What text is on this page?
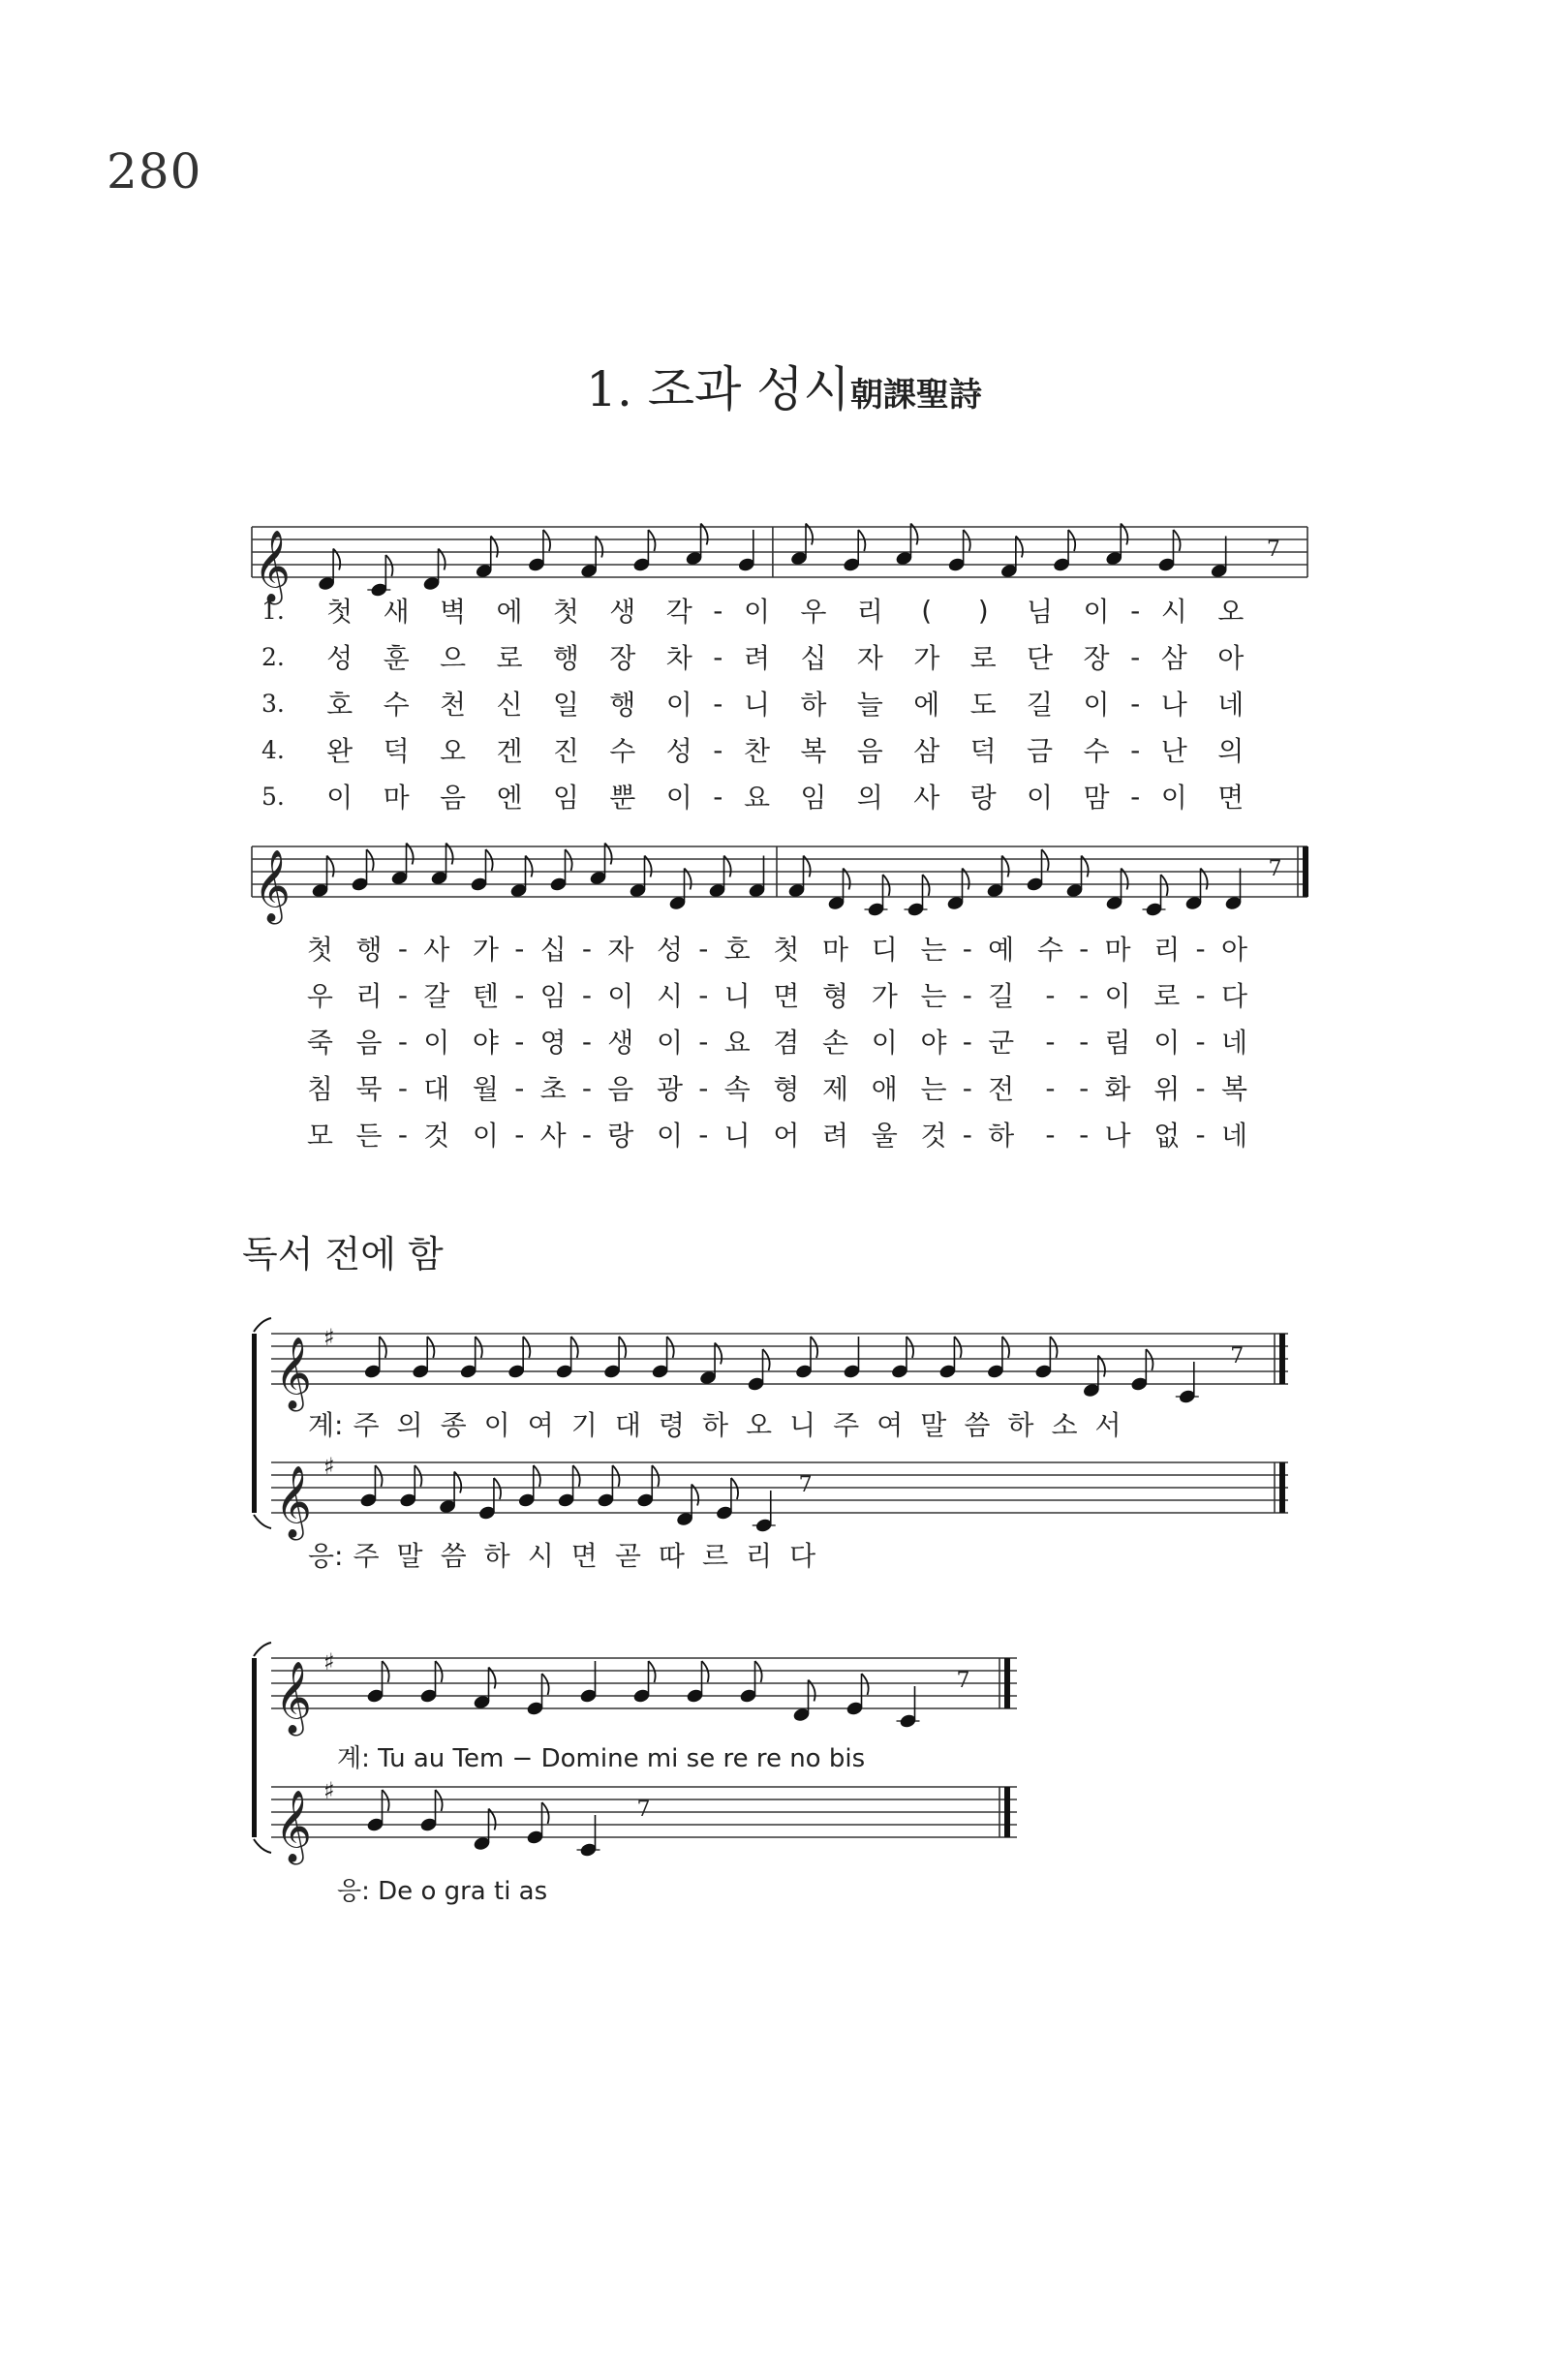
280
1. 조과 성시朝課聖詩
𝄞	7
1.	첫	새	벽	에	첫	생	각	-	이	우	리	(	)	님	이	-	시	오
2.	성	훈	으	로	행	장	차	-	려	십	자	가	로	단	장	-	삼	아
3.	호	수	천	신	일	행	이	-	니	하	늘	에	도	길	이	-	나	네
4.	완	덕	오	겐	진	수	성	-	찬	복	음	삼	덕	금	수	-	난	의
5.	이	마	음	엔	임	뿐	이	-	요	임	의	사	랑	이	맘	-	이	면
𝄞	7
첫	행	-	사	가	-	십	-	자	성	-	호	첫	마	디	는	-	예	수	-	마	리	-	아
우	리	-	갈	텐	-	임	-	이	시	-	니	면	형	가	는	-	길	-	-	이	로	-	다
죽	음	-	이	야	-	영	-	생	이	-	요	겸	손	이	야	-	군	-	-	림	이	-	네
침	묵	-	대	월	-	초	-	음	광	-	속	형	제	애	는	-	전	-	-	화	위	-	복
모	든	-	것	이	-	사	-	랑	이	-	니	어	려	울	것	-	하	-	-	나	없	-	네
독서 전에 함
𝄞 ♯
𝄞 ♯
7
7
계: 주 의 종 이 여 기 대 령 하 오 니 주 여 말 씀 하 소 서
응: 주 말 씀 하 시 면 곧 따 르 리 다
𝄞 ♯
𝄞 ♯
7
7
계: Tu au Tem − Domine mi se re re no bis
응: De o gra ti as
